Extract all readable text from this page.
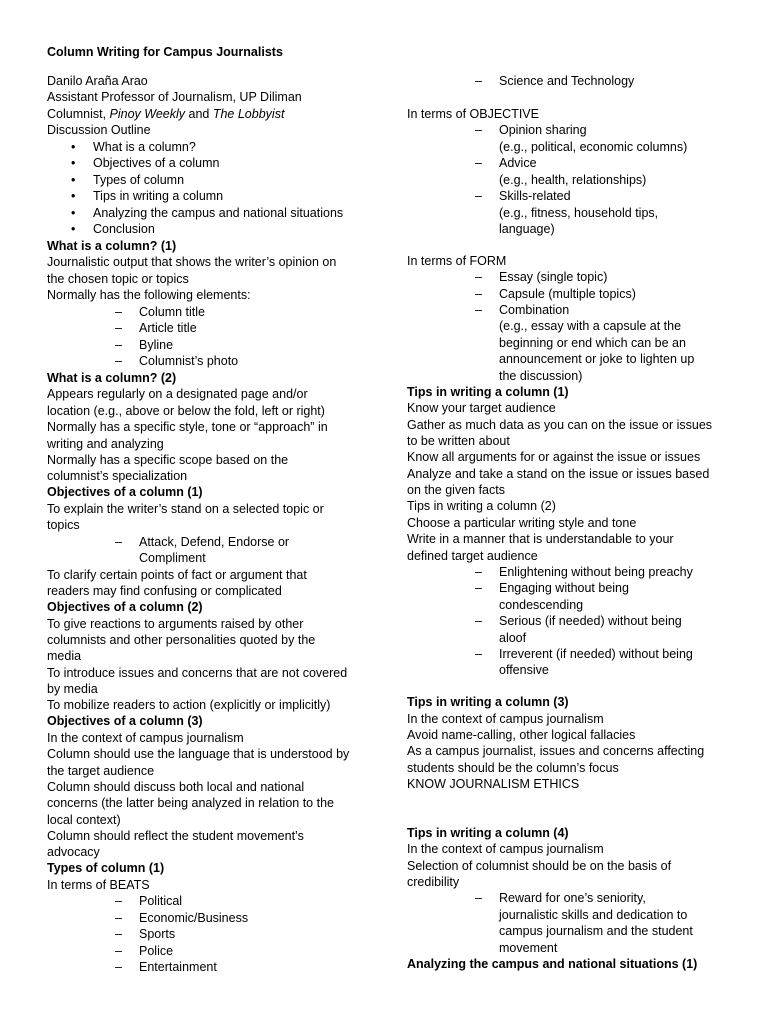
Column Writing for Campus Journalists
Danilo Araña Arao
Assistant Professor of Journalism, UP Diliman
Columnist, Pinoy Weekly and The Lobbyist
Discussion Outline
• What is a column?
• Objectives of a column
• Types of column
• Tips in writing a column
• Analyzing the campus and national situations
• Conclusion
What is a column? (1)
Journalistic output that shows the writer’s opinion on
the chosen topic or topics
Normally has the following elements:
– Column title
– Article title
– Byline
– Columnist’s photo
What is a column? (2)
Appears regularly on a designated page and/or
location (e.g., above or below the fold, left or right)
Normally has a specific style, tone or “approach” in
writing and analyzing
Normally has a specific scope based on the
columnist’s specialization
Objectives of a column (1)
To explain the writer’s stand on a selected topic or
topics
– Attack, Defend, Endorse or
Compliment
To clarify certain points of fact or argument that
readers may find confusing or complicated
Objectives of a column (2)
To give reactions to arguments raised by other
columnists and other personalities quoted by the
media
To introduce issues and concerns that are not covered
by media
To mobilize readers to action (explicitly or implicitly)
Objectives of a column (3)
In the context of campus journalism
Column should use the language that is understood by
the target audience
Column should discuss both local and national
concerns (the latter being analyzed in relation to the
local context)
Column should reflect the student movement’s
advocacy
Types of column (1)
In terms of BEATS
– Political
– Economic/Business
– Sports
– Police
– Entertainment
– Science and Technology
In terms of OBJECTIVE
– Opinion sharing
(e.g., political, economic columns)
– Advice
(e.g., health, relationships)
– Skills-related
(e.g., fitness, household tips,
language)
In terms of FORM
– Essay (single topic)
– Capsule (multiple topics)
– Combination
(e.g., essay with a capsule at the
beginning or end which can be an
announcement or joke to lighten up
the discussion)
Tips in writing a column (1)
Know your target audience
Gather as much data as you can on the issue or issues
to be written about
Know all arguments for or against the issue or issues
Analyze and take a stand on the issue or issues based
on the given facts
Tips in writing a column (2)
Choose a particular writing style and tone
Write in a manner that is understandable to your
defined target audience
– Enlightening without being preachy
– Engaging without being
condescending
– Serious (if needed) without being
aloof
– Irreverent (if needed) without being
offensive
Tips in writing a column (3)
In the context of campus journalism
Avoid name-calling, other logical fallacies
As a campus journalist, issues and concerns affecting
students should be the column’s focus
KNOW JOURNALISM ETHICS
Tips in writing a column (4)
In the context of campus journalism
Selection of columnist should be on the basis of
credibility
– Reward for one’s seniority,
journalistic skills and dedication to
campus journalism and the student
movement
Analyzing the campus and national situations (1)
